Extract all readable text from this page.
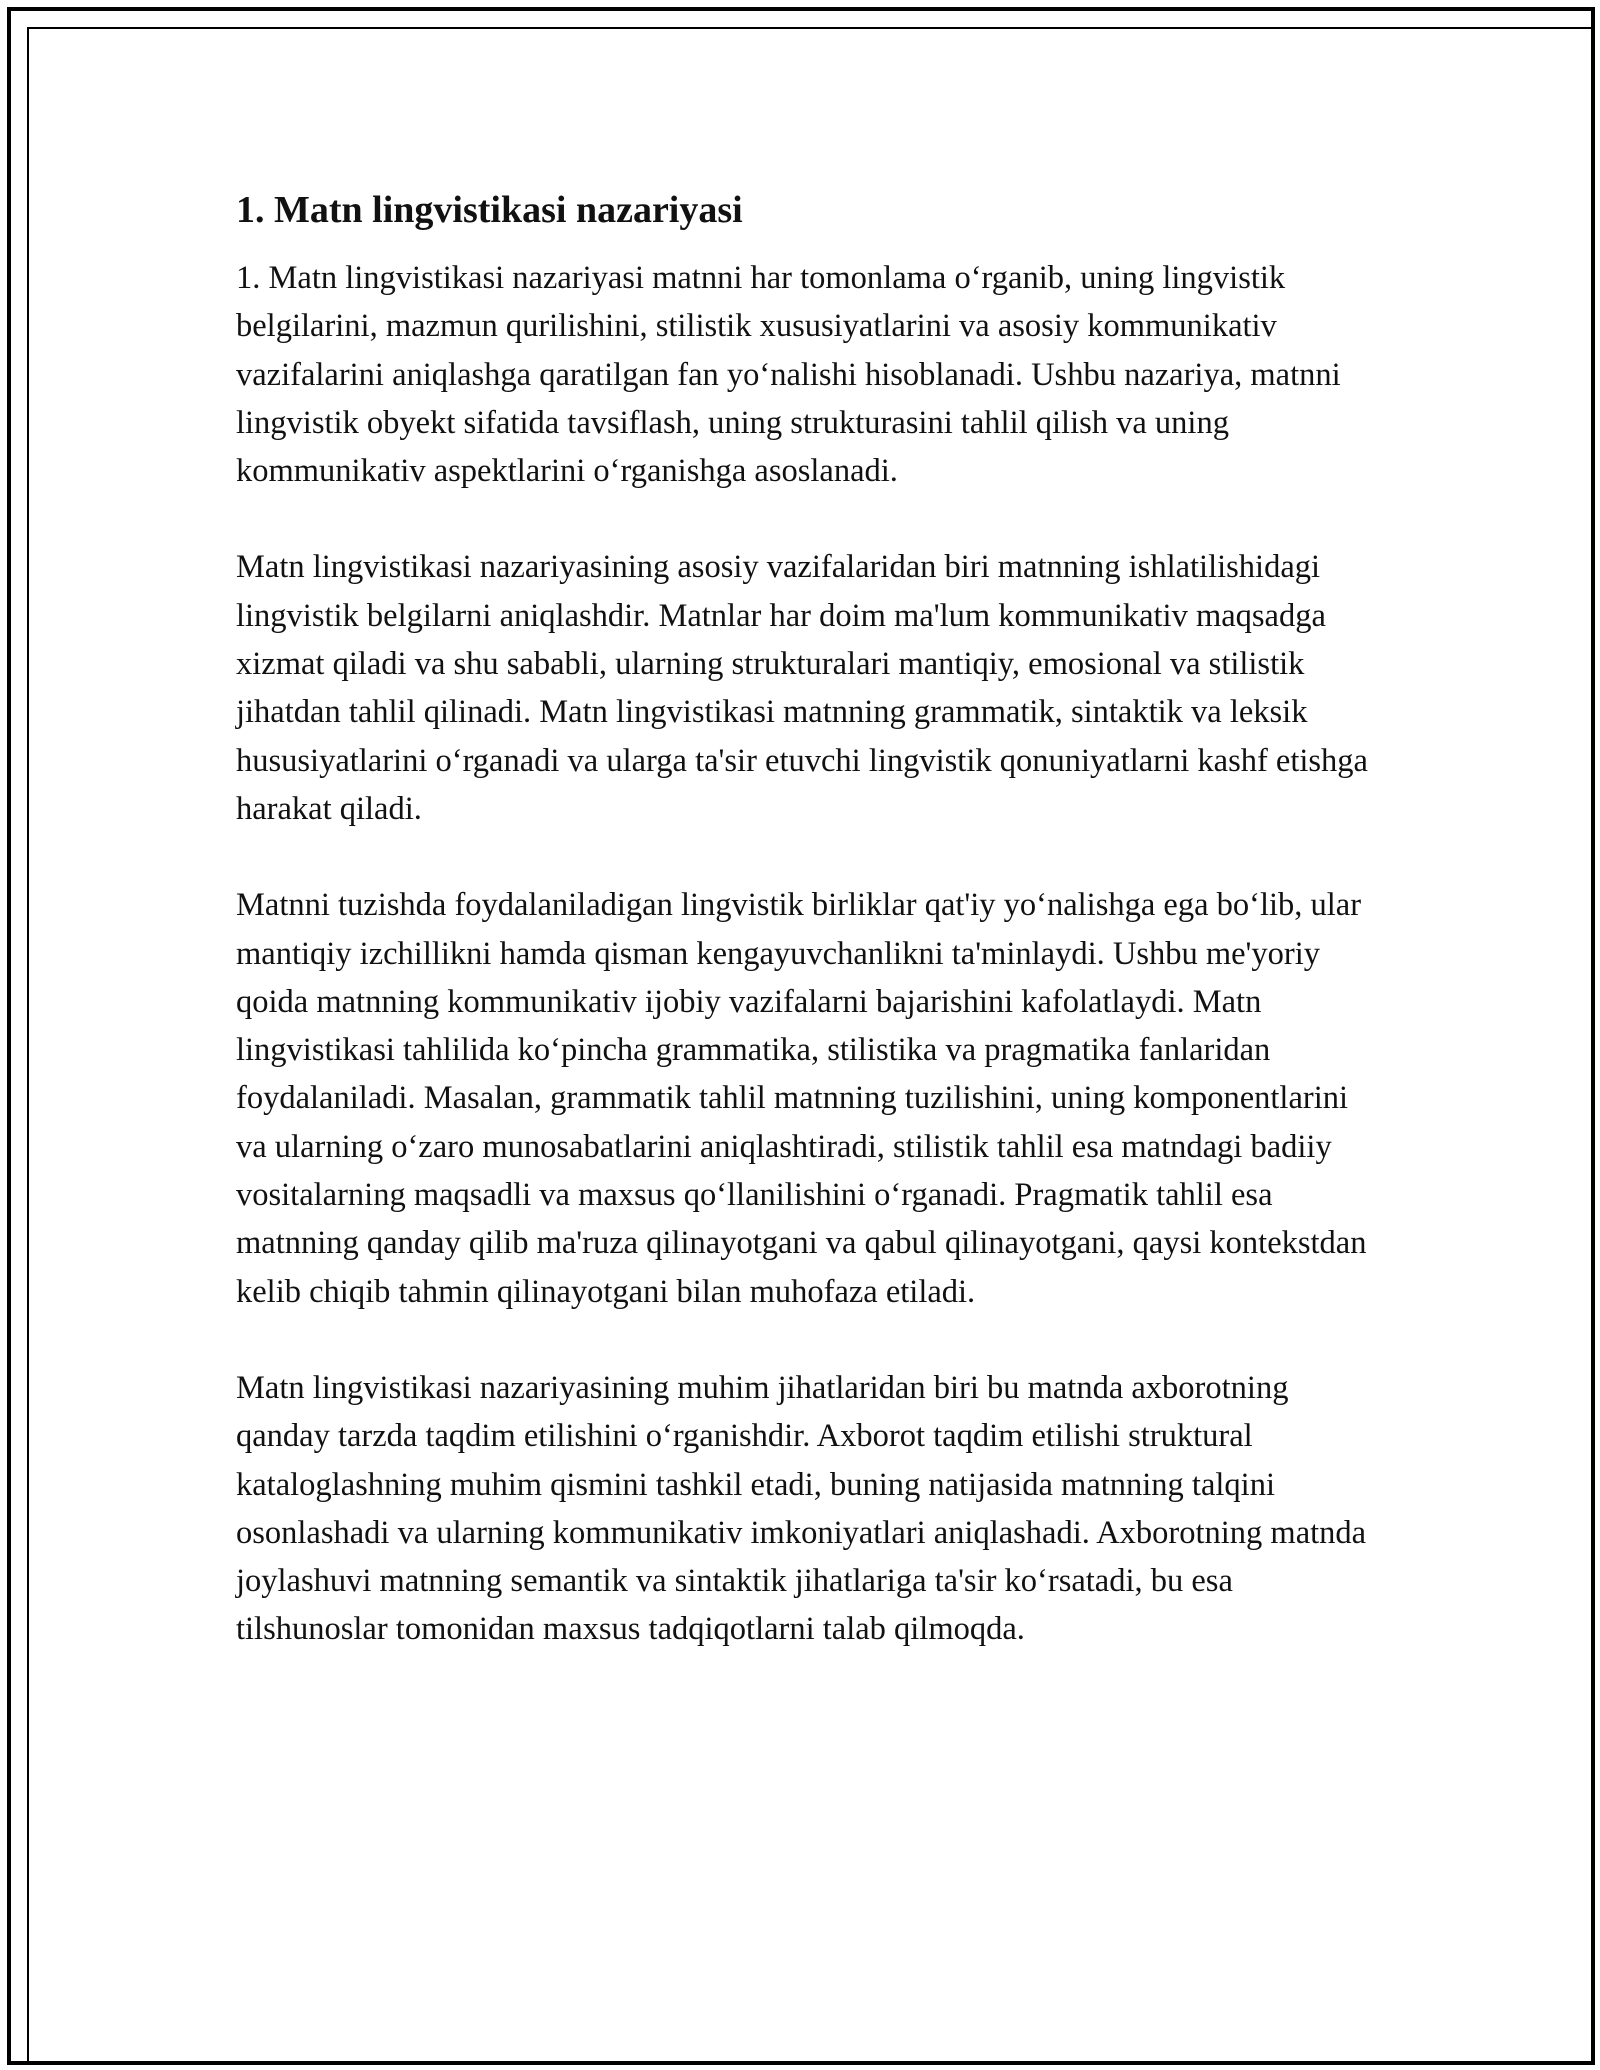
1. Matn lingvistikasi nazariyasi

1. Matn lingvistikasi nazariyasi matnni har tomonlama o‘rganib, uning lingvistik belgilarini, mazmun qurilishini, stilistik xususiyatlarini va asosiy kommunikativ vazifalarini aniqlashga qaratilgan fan yo‘nalishi hisoblanadi. Ushbu nazariya, matnni lingvistik obyekt sifatida tavsiflash, uning strukturasini tahlil qilish va uning kommunikativ aspektlarini o‘rganishga asoslanadi.

Matn lingvistikasi nazariyasining asosiy vazifalaridan biri matnning ishlatilishidagi lingvistik belgilarni aniqlashdir. Matnlar har doim ma'lum kommunikativ maqsadga xizmat qiladi va shu sababli, ularning strukturalari mantiqiy, emosional va stilistik jihatdan tahlil qilinadi. Matn lingvistikasi matnning grammatik, sintaktik va leksik hususiyatlarini o‘rganadi va ularga ta'sir etuvchi lingvistik qonuniyatlarni kashf etishga harakat qiladi.

Matnni tuzishda foydalaniladigan lingvistik birliklar qat'iy yo‘nalishga ega bo‘lib, ular mantiqiy izchillikni hamda qisman kengayuvchanlikni ta'minlaydi. Ushbu me'yoriy qoida matnning kommunikativ ijobiy vazifalarni bajarishini kafolatlaydi. Matn lingvistikasi tahlilida ko‘pincha grammatika, stilistika va pragmatika fanlaridan foydalaniladi. Masalan, grammatik tahlil matnning tuzilishini, uning komponentlarini va ularning o‘zaro munosabatlarini aniqlashtiradi, stilistik tahlil esa matndagi badiiy vositalarning maqsadli va maxsus qo‘llanilishini o‘rganadi. Pragmatik tahlil esa matnning qanday qilib ma'ruza qilinayotgani va qabul qilinayotgani, qaysi kontekstdan kelib chiqib tahmin qilinayotgani bilan muhofaza etiladi.

Matn lingvistikasi nazariyasining muhim jihatlaridan biri bu matnda axborotning qanday tarzda taqdim etilishini o‘rganishdir. Axborot taqdim etilishi struktural kataloglashning muhim qismini tashkil etadi, buning natijasida matnning talqini osonlashadi va ularning kommunikativ imkoniyatlari aniqlashadi. Axborotning matnda joylashuvi matnning semantik va sintaktik jihatlariga ta'sir ko‘rsatadi, bu esa tilshunoslar tomonidan maxsus tadqiqotlarni talab qilmoqda.
